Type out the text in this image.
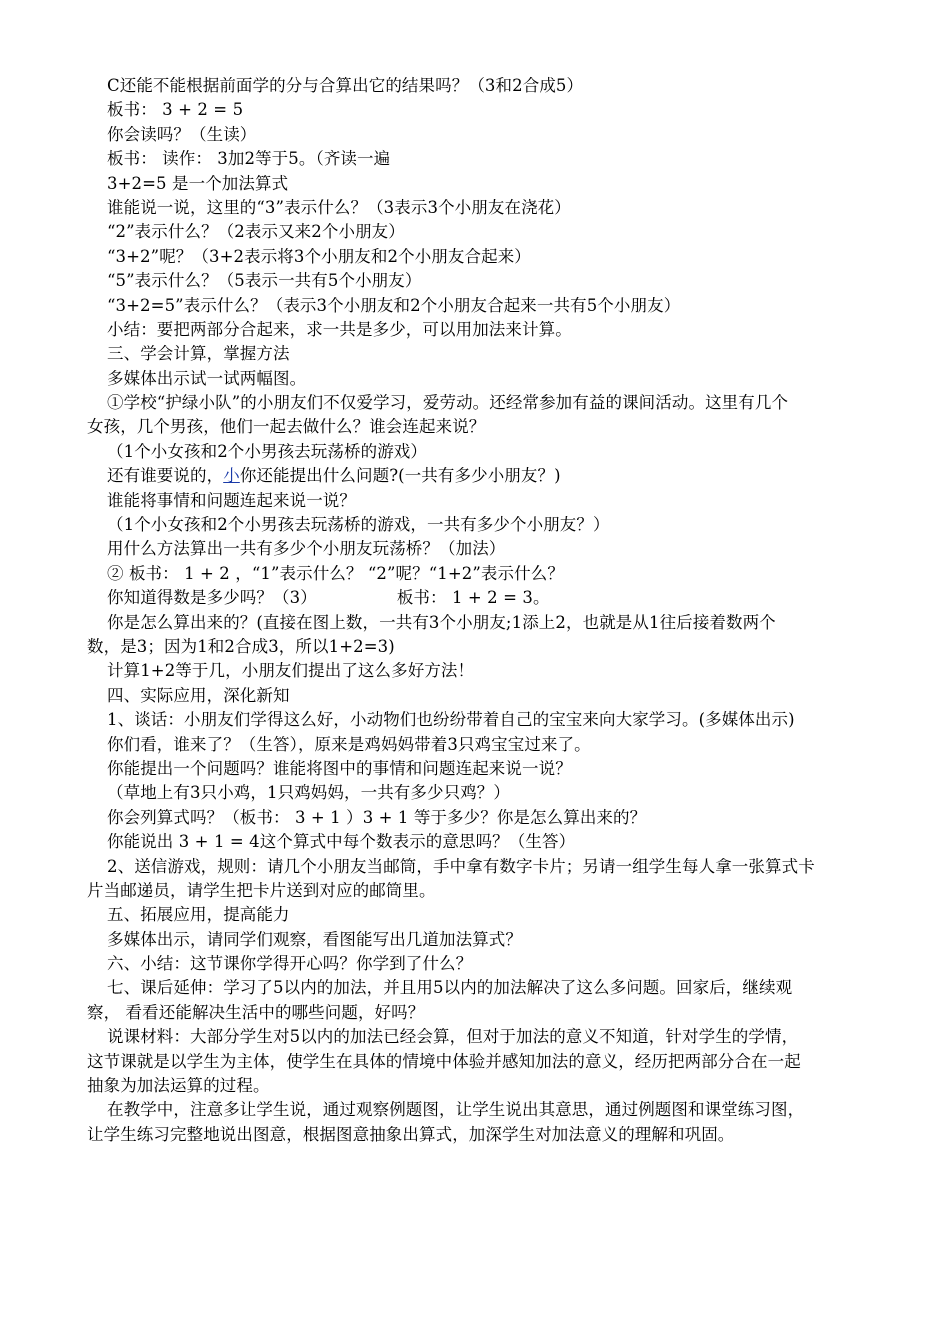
C还能不能根据前面学的分与合算出它的结果吗？（3和2合成5）
板书： 3 + 2 = 5
你会读吗？（生读）
板书： 读作： 3加2等于5。（齐读一遍
3+2=5 是一个加法算式
谁能说一说，这里的“3”表示什么？（3表示3个小朋友在浇花）
“2”表示什么？（2表示又来2个小朋友）
“3+2”呢？（3+2表示将3个小朋友和2个小朋友合起来）
“5”表示什么？（5表示一共有5个小朋友）
“3+2=5”表示什么？（表示3个小朋友和2个小朋友合起来一共有5个小朋友）
小结：要把两部分合起来，求一共是多少，可以用加法来计算。
三、学会计算，掌握方法
多媒体出示试一试两幅图。
①学校“护绿小队”的小朋友们不仅爱学习，爱劳动。还经常参加有益的课间活动。这里有几个
女孩，几个男孩，他们一起去做什么？谁会连起来说？
（1个小女孩和2个小男孩去玩荡桥的游戏）
还有谁要说的，小你还能提出什么问题?(一共有多少小朋友？)
谁能将事情和问题连起来说一说？
（1个小女孩和2个小男孩去玩荡桥的游戏，一共有多少个小朋友？）
用什么方法算出一共有多少个小朋友玩荡桥？（加法）
② 板书： 1 + 2 ，“1”表示什么？ “2”呢？“1+2”表示什么？
你知道得数是多少吗？（3）	板书： 1 + 2 = 3。
你是怎么算出来的？(直接在图上数，一共有3个小朋友;1添上2，也就是从1往后接着数两个
数，是3；因为1和2合成3，所以1+2=3)
计算1+2等于几，小朋友们提出了这么多好方法！
四、实际应用，深化新知
1、谈话：小朋友们学得这么好，小动物们也纷纷带着自己的宝宝来向大家学习。(多媒体出示)
你们看，谁来了？（生答），原来是鸡妈妈带着3只鸡宝宝过来了。
你能提出一个问题吗？谁能将图中的事情和问题连起来说一说？
（草地上有3只小鸡，1只鸡妈妈，一共有多少只鸡？）
你会列算式吗？（板书： 3 + 1 ）3 + 1 等于多少？你是怎么算出来的？
你能说出 3 + 1 = 4这个算式中每个数表示的意思吗？（生答）
2、送信游戏，规则：请几个小朋友当邮筒，手中拿有数字卡片；另请一组学生每人拿一张算式卡
片当邮递员，请学生把卡片送到对应的邮筒里。
五、拓展应用，提高能力
多媒体出示，请同学们观察，看图能写出几道加法算式？
六、小结：这节课你学得开心吗？你学到了什么？
七、课后延伸：学习了5以内的加法，并且用5以内的加法解决了这么多问题。回家后，继续观
察， 看看还能解决生活中的哪些问题，好吗？
说课材料：大部分学生对5以内的加法已经会算，但对于加法的意义不知道，针对学生的学情，
这节课就是以学生为主体，使学生在具体的情境中体验并感知加法的意义，经历把两部分合在一起
抽象为加法运算的过程。
在教学中，注意多让学生说，通过观察例题图，让学生说出其意思，通过例题图和课堂练习图，
让学生练习完整地说出图意，根据图意抽象出算式，加深学生对加法意义的理解和巩固。
